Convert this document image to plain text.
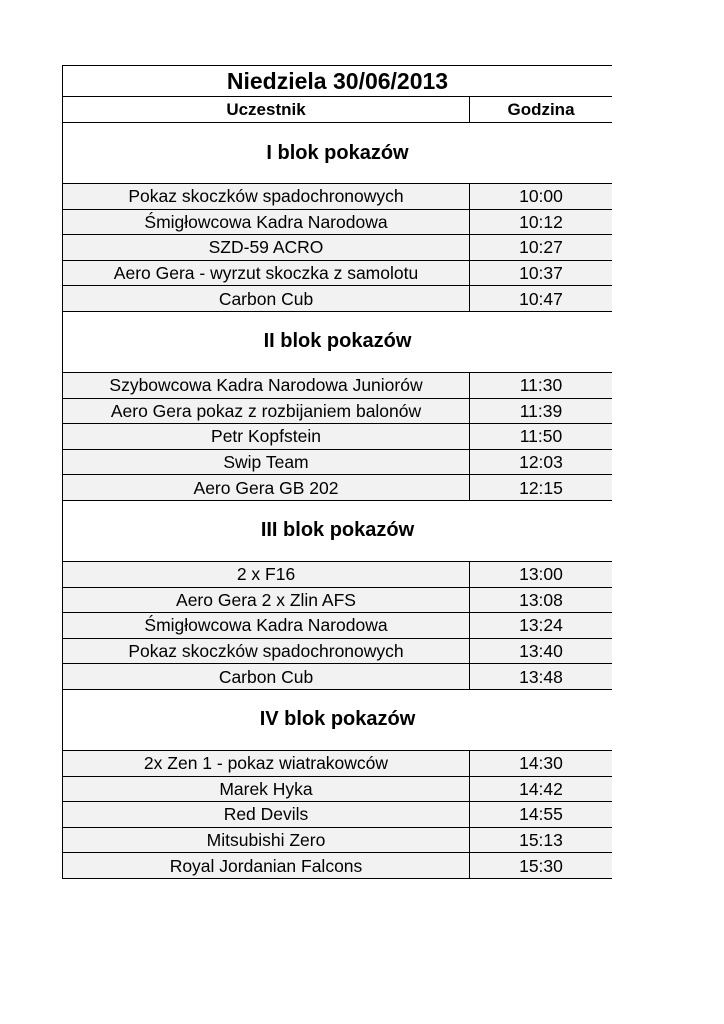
Niedziela 30/06/2013
Uczestnik	Godzina
I blok pokazów
Pokaz skoczków spadochronowych	10:00
Śmigłowcowa Kadra Narodowa	10:12
SZD-59 ACRO	10:27
Aero Gera - wyrzut skoczka z samolotu	10:37
Carbon Cub	10:47
II blok pokazów
Szybowcowa Kadra Narodowa Juniorów	11:30
Aero Gera pokaz z rozbijaniem balonów	11:39
Petr Kopfstein	11:50
Swip Team	12:03
Aero Gera GB 202	12:15
III blok pokazów
2 x F16	13:00
Aero Gera 2 x Zlin AFS	13:08
Śmigłowcowa Kadra Narodowa	13:24
Pokaz skoczków spadochronowych	13:40
Carbon Cub	13:48
IV blok pokazów
2x Zen 1 - pokaz wiatrakowców	14:30
Marek Hyka	14:42
Red Devils	14:55
Mitsubishi Zero	15:13
Royal Jordanian Falcons	15:30
